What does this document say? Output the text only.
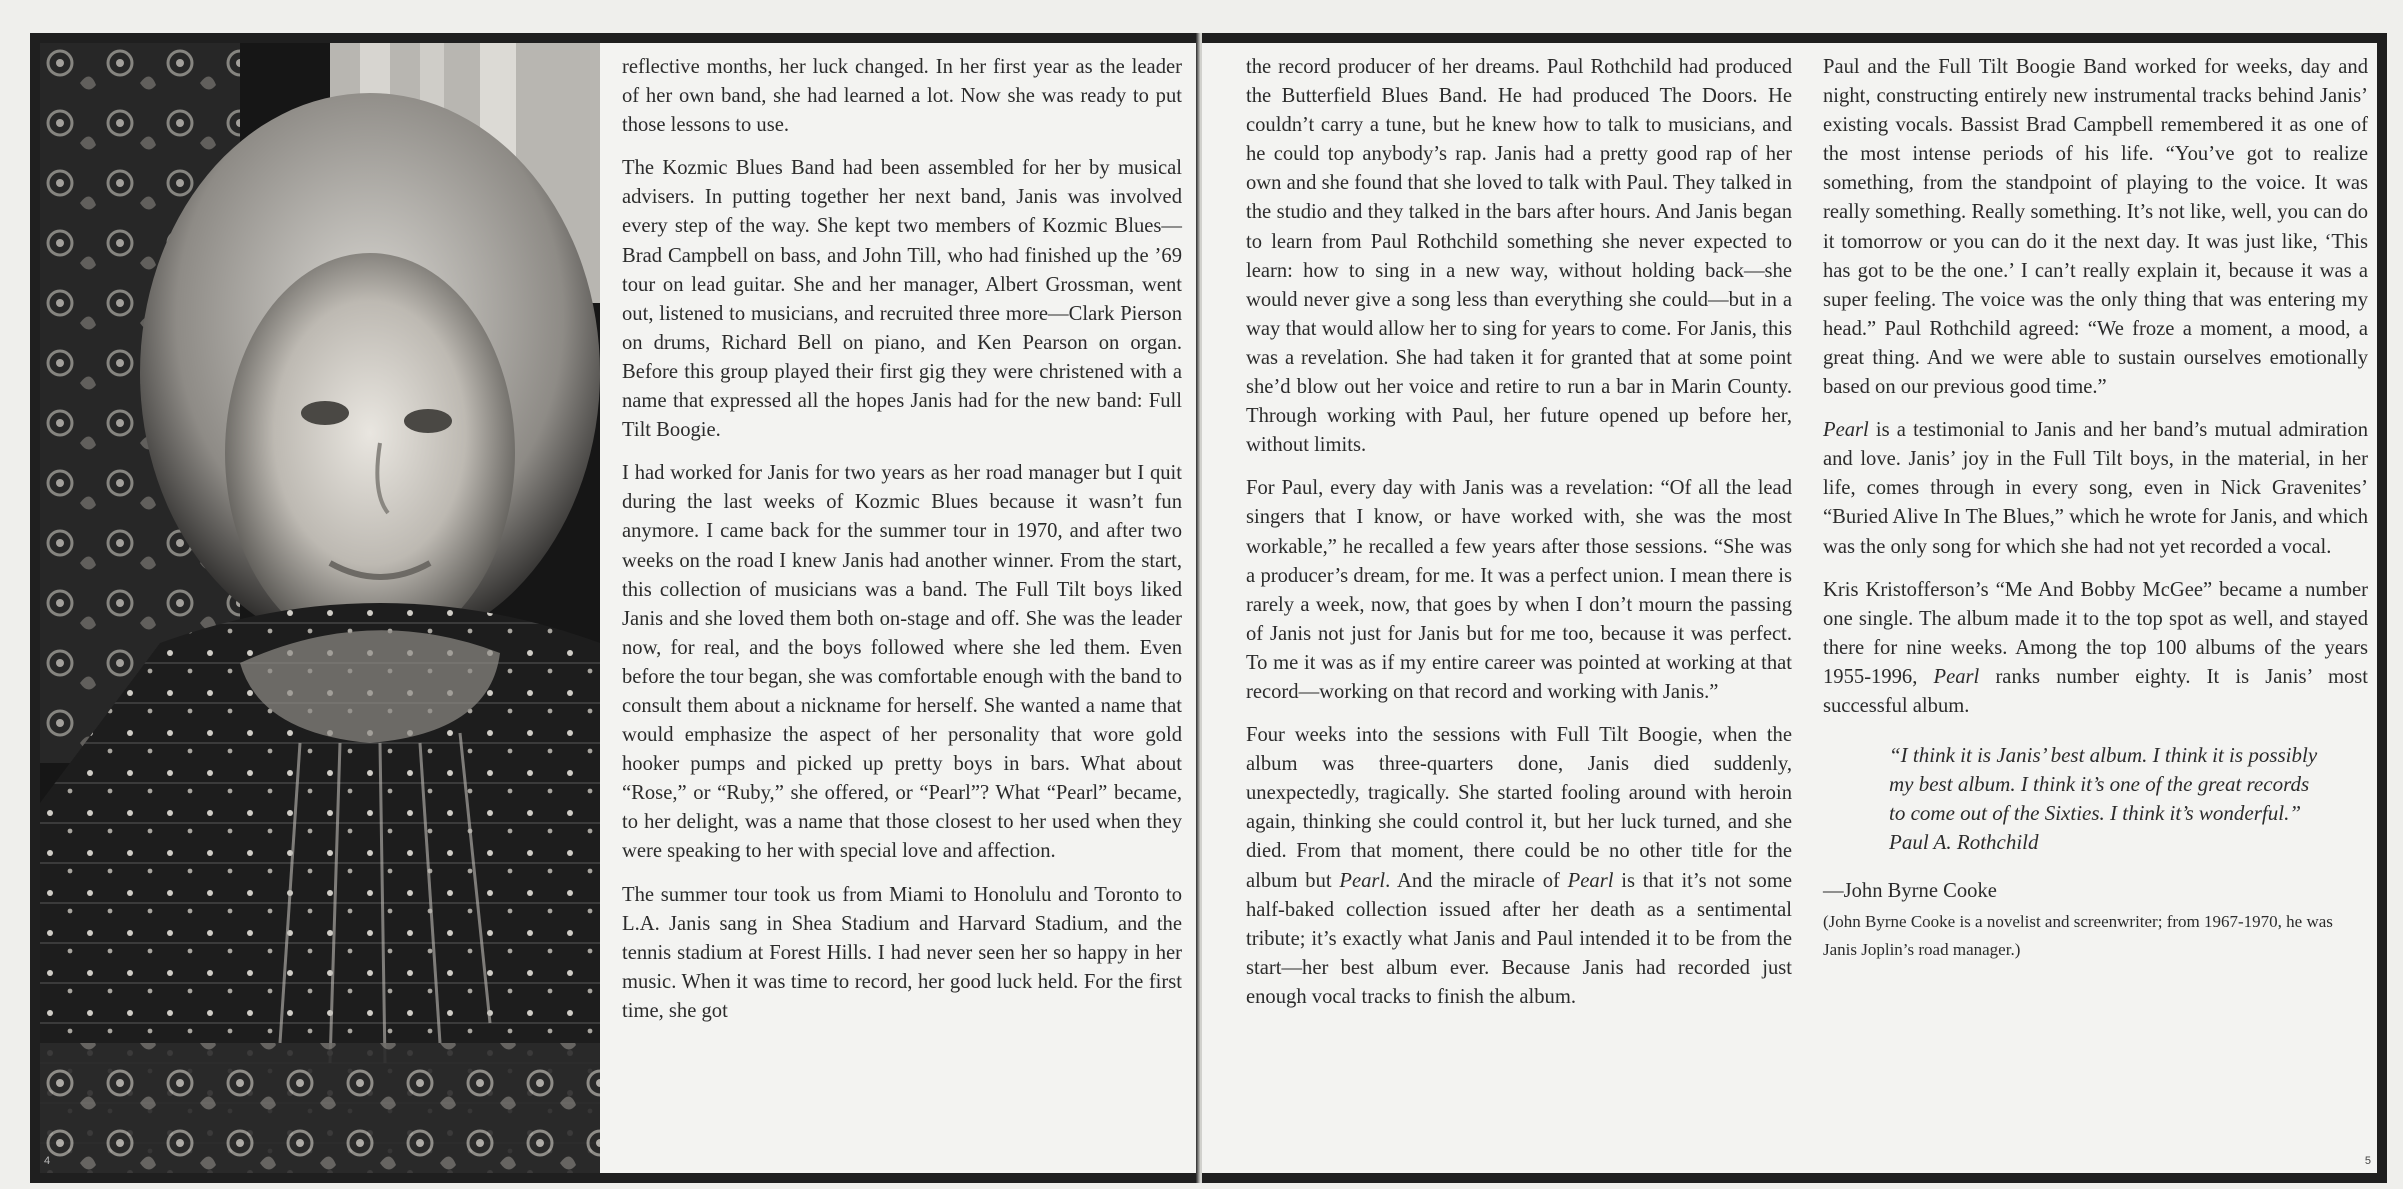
reflective months, her luck changed. In her first year as the leader of her own band, she had learned a lot. Now she was ready to put those lessons to use.

The Kozmic Blues Band had been assembled for her by musical advisers. In putting together her next band, Janis was involved every step of the way. She kept two members of Kozmic Blues—Brad Campbell on bass, and John Till, who had finished up the ’69 tour on lead guitar. She and her manager, Albert Grossman, went out, listened to musicians, and recruited three more—Clark Pierson on drums, Richard Bell on piano, and Ken Pearson on organ. Before this group played their first gig they were christened with a name that expressed all the hopes Janis had for the new band: Full Tilt Boogie.

I had worked for Janis for two years as her road manager but I quit during the last weeks of Kozmic Blues because it wasn’t fun anymore. I came back for the summer tour in 1970, and after two weeks on the road I knew Janis had another winner. From the start, this collection of musicians was a band. The Full Tilt boys liked Janis and she loved them both on-stage and off. She was the leader now, for real, and the boys followed where she led them. Even before the tour began, she was comfortable enough with the band to consult them about a nickname for herself. She wanted a name that would emphasize the aspect of her personality that wore gold hooker pumps and picked up pretty boys in bars. What about “Rose,” or “Ruby,” she offered, or “Pearl”? What “Pearl” became, to her delight, was a name that those closest to her used when they were speaking to her with special love and affection.

The summer tour took us from Miami to Honolulu and Toronto to L.A. Janis sang in Shea Stadium and Harvard Stadium, and the tennis stadium at Forest Hills. I had never seen her so happy in her music. When it was time to record, her good luck held. For the first time, she got

4

the record producer of her dreams. Paul Rothchild had produced the Butterfield Blues Band. He had produced The Doors. He couldn’t carry a tune, but he knew how to talk to musicians, and he could top anybody’s rap. Janis had a pretty good rap of her own and she found that she loved to talk with Paul. They talked in the studio and they talked in the bars after hours. And Janis began to learn from Paul Rothchild something she never expected to learn: how to sing in a new way, without holding back—she would never give a song less than everything she could—but in a way that would allow her to sing for years to come. For Janis, this was a revelation. She had taken it for granted that at some point she’d blow out her voice and retire to run a bar in Marin County. Through working with Paul, her future opened up before her, without limits.

For Paul, every day with Janis was a revelation: “Of all the lead singers that I know, or have worked with, she was the most workable,” he recalled a few years after those sessions. “She was a producer’s dream, for me. It was a perfect union. I mean there is rarely a week, now, that goes by when I don’t mourn the passing of Janis not just for Janis but for me too, because it was perfect. To me it was as if my entire career was pointed at working at that record—working on that record and working with Janis.”

Four weeks into the sessions with Full Tilt Boogie, when the album was three-quarters done, Janis died suddenly, unexpectedly, tragically. She started fooling around with heroin again, thinking she could control it, but her luck turned, and she died. From that moment, there could be no other title for the album but Pearl. And the miracle of Pearl is that it’s not some half-baked collection issued after her death as a sentimental tribute; it’s exactly what Janis and Paul intended it to be from the start—her best album ever. Because Janis had recorded just enough vocal tracks to finish the album.

Paul and the Full Tilt Boogie Band worked for weeks, day and night, constructing entirely new instrumental tracks behind Janis’ existing vocals. Bassist Brad Campbell remembered it as one of the most intense periods of his life. “You’ve got to realize something, from the standpoint of playing to the voice. It was really something. Really something. It’s not like, well, you can do it tomorrow or you can do it the next day. It was just like, ‘This has got to be the one.’ I can’t really explain it, because it was a super feeling. The voice was the only thing that was entering my head.” Paul Rothchild agreed: “We froze a moment, a mood, a great thing. And we were able to sustain ourselves emotionally based on our previous good time.”

Pearl is a testimonial to Janis and her band’s mutual admiration and love. Janis’ joy in the Full Tilt boys, in the material, in her life, comes through in every song, even in Nick Gravenites’ “Buried Alive In The Blues,” which he wrote for Janis, and which was the only song for which she had not yet recorded a vocal.

Kris Kristofferson’s “Me And Bobby McGee” became a number one single. The album made it to the top spot as well, and stayed there for nine weeks. Among the top 100 albums of the years 1955-1996, Pearl ranks number eighty. It is Janis’ most successful album.

“I think it is Janis’ best album. I think it is possibly my best album. I think it’s one of the great records to come out of the Sixties. I think it’s wonderful.” Paul A. Rothchild
—John Byrne Cooke
(John Byrne Cooke is a novelist and screenwriter; from 1967-1970, he was Janis Joplin’s road manager.)
5
